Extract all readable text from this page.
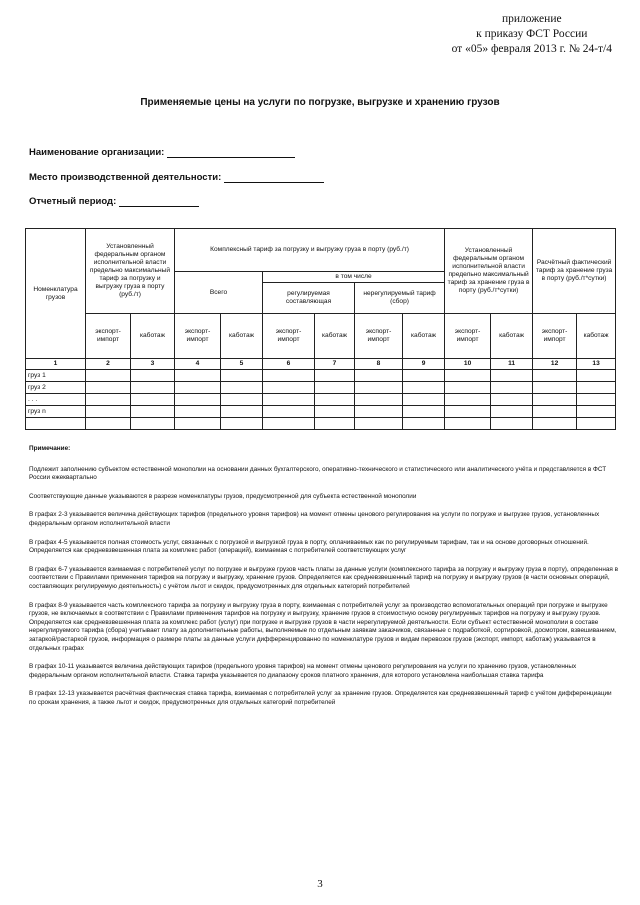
приложение
к приказу ФСТ России
от «05» февраля 2013 г. № 24-т/4
Применяемые цены на услуги по погрузке, выгрузке и хранению грузов
Наименование организации:
Место производственной деятельности:
Отчетный период:
Номенклатура грузов	Установленный федеральным органом исполнительной власти предельно максимальный тариф за погрузку и выгрузку груза в порту (руб./т)		Комплексный тариф за погрузку и выгрузку груза в порту (руб./т)						Установленный федеральным органом исполнительной власти предельно максимальный тариф за хранение груза в порту (руб./т*сутки)		Расчётный фактический тариф за хранение груза в порту (руб./т*сутки)	
			Всего		в том числе							
					регулируемая составляющая		нерегулируемый тариф (сбор)					
	экспорт-импорт	каботаж	экспорт-импорт	каботаж	экспорт-импорт	каботаж	экспорт-импорт	каботаж	экспорт-импорт	каботаж	экспорт-импорт	каботаж
1	2	3	4	5	6	7	8	9	10	11	12	13
груз 1												
груз 2												
. . .												
груз n												

Примечание:

Подлежит заполнению субъектом естественной монополии на основании данных бухгалтерского, оперативно-технического и статистического или аналитического учёта и представляется в ФСТ России ежеквартально

Соответствующие данные указываются в разрезе номенклатуры грузов, предусмотренной для субъекта естественной монополии

В графах 2-3 указывается величина действующих тарифов (предельного уровня тарифов) на момент отмены ценового регулирования на услуги по погрузке и выгрузке грузов, установленных федеральным органом исполнительной власти

В графах 4-5 указывается полная стоимость услуг, связанных с погрузкой и выгрузкой груза в порту, оплачиваемых как по регулируемым тарифам, так и на основе договорных отношений. Определяется как средневзвешенная плата за комплекс работ (операций), взимаемая с потребителей соответствующих услуг

В графах 6-7 указывается взимаемая с потребителей услуг по погрузке и выгрузке грузов часть платы за данные услуги (комплексного тарифа за погрузку и выгрузку груза в порту), определенная в соответствии с Правилами применения тарифов на погрузку и выгрузку, хранение грузов. Определяется как средневзвешенный тариф на погрузку и выгрузку грузов (в части основных операций, составляющих регулируемую деятельность) с учётом льгот и скидок, предусмотренных для отдельных категорий потребителей

В графах 8-9 указывается часть комплексного тарифа за погрузку и выгрузку груза в порту, взимаемая с потребителей услуг за производство вспомогательных операций при погрузке и выгрузке грузов, не включаемых в соответствии с Правилами применения тарифов на погрузку и выгрузку, хранение грузов в стоимостную основу регулируемых тарифов на погрузку и выгрузку грузов. Определяется как средневзвешенная плата за комплекс работ (услуг) при погрузке и выгрузке грузов в части нерегулируемой деятельности. Если субъект естественной монополии в составе нерегулируемого тарифа (сбора) учитывает плату за дополнительные работы, выполняемые по отдельным заявкам заказчиков, связанные с подработкой, сортировкой, досмотром, взвешиванием, затаркой/растаркой грузов, информация о размере платы за данные услуги дифференцированно по номенклатуре грузов и видам перевозок грузов (экспорт, импорт, каботаж) указывается в отдельных графах

В графах 10-11 указывается величина действующих тарифов (предельного уровня тарифов) на момент отмены ценового регулирования на услуги по хранению грузов, установленных федеральным органом исполнительной власти. Ставка тарифа указывается по диапазону сроков платного хранения, для которого установлена наибольшая ставка тарифа

В графах 12-13 указывается расчётная фактическая ставка тарифа, взимаемая с потребителей услуг за хранение грузов. Определяется как средневзвешенный тариф с учётом дифференциации по срокам хранения, а также льгот и скидок, предусмотренных для отдельных категорий потребителей

3
